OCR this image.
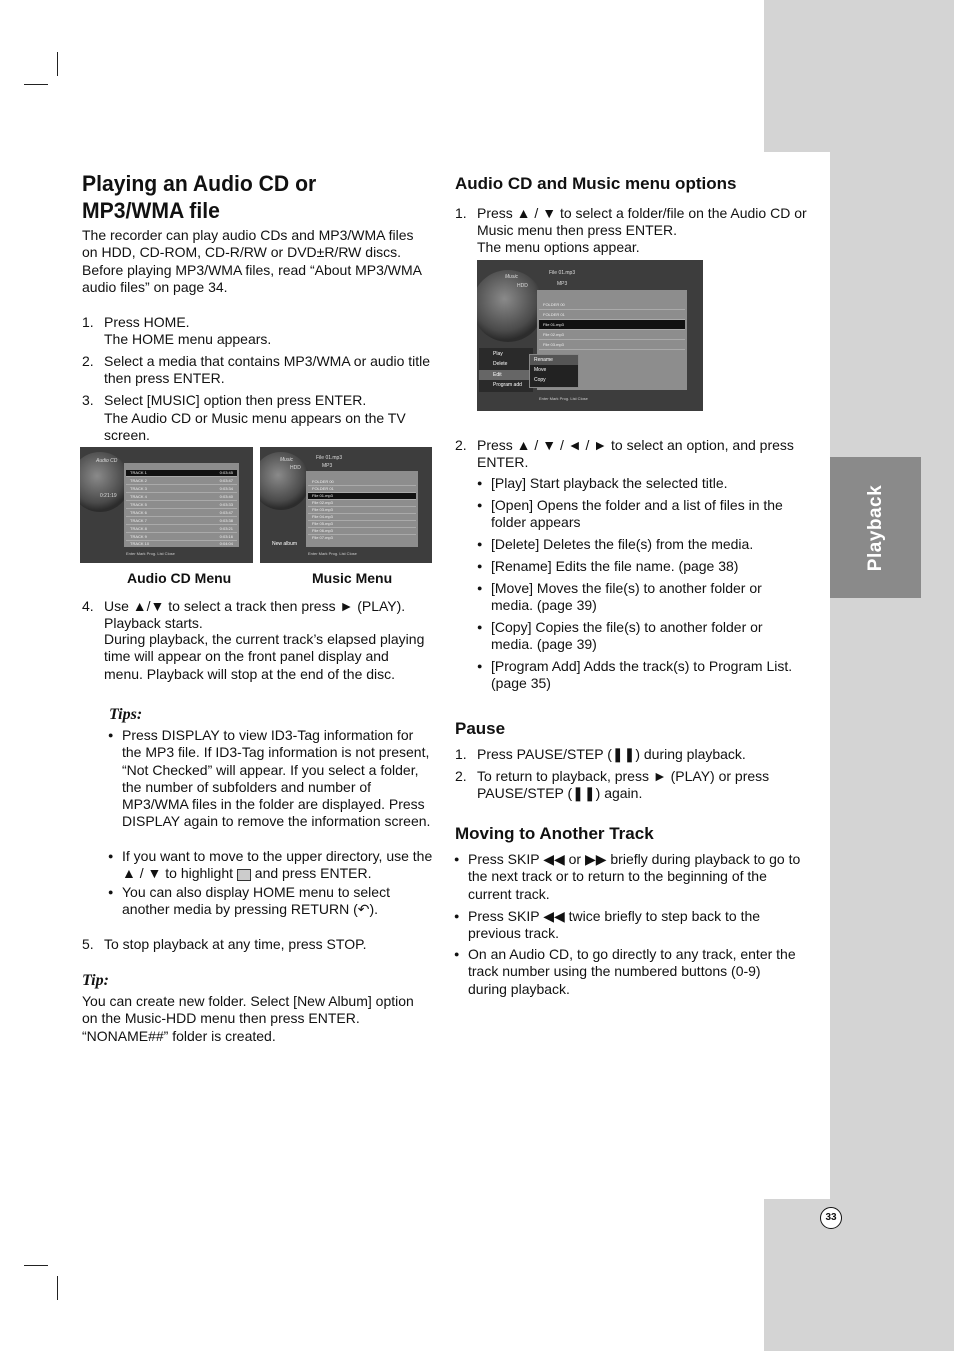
Playback
33
Playing an Audio CD or MP3/WMA file

The recorder can play audio CDs and MP3/WMA files on HDD, CD-ROM, CD-R/RW or DVD±R/RW discs. Before playing MP3/WMA files, read “About MP3/WMA audio files” on page 34.

1. Press HOME.
The HOME menu appears.
2. Select a media that contains MP3/WMA or audio title then press ENTER.
3. Select [MUSIC] option then press ENTER.
The Audio CD or Music menu appears on the TV screen.
Audio CD
0:21:19
TRACK 1	0:03:45
TRACK 2	0:03:47
TRACK 3	0:03:34
TRACK 4	0:03:40
TRACK 5	0:03:33
TRACK 6	0:03:47
TRACK 7	0:03:38
TRACK 8	0:03:21
TRACK 9	0:03:16
TRACK 10	0:04:04
Enter Mark Prog. List Close
Music
HDD
File 01.mp3
MP3
FOLDER 00
FOLDER 01
File 01.mp3
File 02.mp3
File 03.mp3
File 04.mp3
File 05.mp3
File 06.mp3
File 07.mp3
New album
Enter Mark Prog. List Close
Audio CD Menu	Music Menu
4. Use ▲/▼ to select a track then press ► (PLAY). Playback starts.
During playback, the current track’s elapsed playing time will appear on the front panel display and menu. Playback will stop at the end of the disc.
Tips:
● Press DISPLAY to view ID3-Tag information for the MP3 file. If ID3-Tag information is not present, “Not Checked” will appear. If you select a folder, the number of subfolders and number of MP3/WMA files in the folder are displayed. Press DISPLAY again to remove the information screen.
● If you want to move to the upper directory, use the ▲ / ▼ to highlight and press ENTER.
● You can also display HOME menu to select another media by pressing RETURN (↶).
5. To stop playback at any time, press STOP.
Tip:

You can create new folder. Select [New Album] option on the Music-HDD menu then press ENTER. “NONAME##” folder is created.

Audio CD and Music menu options
1. Press ▲ / ▼ to select a folder/file on the Audio CD or Music menu then press ENTER.
The menu options appear.
Music
HDD
File 01.mp3
MP3
FOLDER 00
FOLDER 01
File 01.mp3
File 02.mp3
File 03.mp3
Play
Delete
Edit
Program add
Rename
Move
Copy
Enter Mark Prog. List Close
2. Press ▲ / ▼ / ◄ / ► to select an option, and press ENTER.
● [Play] Start playback the selected title.
● [Open] Opens the folder and a list of files in the folder appears
● [Delete] Deletes the file(s) from the media.
● [Rename] Edits the file name. (page 38)
● [Move] Moves the file(s) to another folder or media. (page 39)
● [Copy] Copies the file(s) to another folder or media. (page 39)
● [Program Add] Adds the track(s) to Program List. (page 35)
Pause
1. Press PAUSE/STEP (❚❚) during playback.
2. To return to playback, press ► (PLAY) or press PAUSE/STEP (❚❚) again.
Moving to Another Track
● Press SKIP ◀◀ or ▶▶ briefly during playback to go to the next track or to return to the beginning of the current track.
● Press SKIP ◀◀ twice briefly to step back to the previous track.
● On an Audio CD, to go directly to any track, enter the track number using the numbered buttons (0-9) during playback.
